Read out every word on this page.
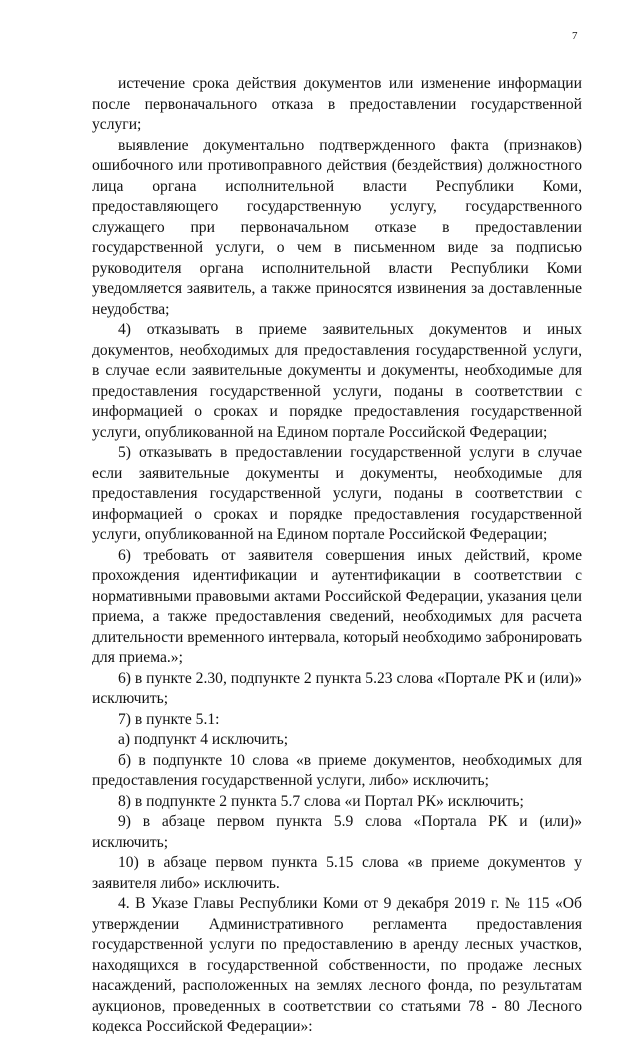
7

истечение срока действия документов или изменение информации после первоначального отказа в предоставлении государственной услуги;

выявление документально подтвержденного факта (признаков) ошибочного или противоправного действия (бездействия) должностного лица органа исполнительной власти Республики Коми, предоставляющего государственную услугу, государственного служащего при первоначальном отказе в предоставлении государственной услуги, о чем в письменном виде за подписью руководителя органа исполнительной власти Республики Коми уведомляется заявитель, а также приносятся извинения за доставленные неудобства;

4) отказывать в приеме заявительных документов и иных документов, необходимых для предоставления государственной услуги, в случае если заявительные документы и документы, необходимые для предоставления государственной услуги, поданы в соответствии с информацией о сроках и порядке предоставления государственной услуги, опубликованной на Едином портале Российской Федерации;

5) отказывать в предоставлении государственной услуги в случае если заявительные документы и документы, необходимые для предоставления государственной услуги, поданы в соответствии с информацией о сроках и порядке предоставления государственной услуги, опубликованной на Едином портале Российской Федерации;

6) требовать от заявителя совершения иных действий, кроме прохождения идентификации и аутентификации в соответствии с нормативными правовыми актами Российской Федерации, указания цели приема, а также предоставления сведений, необходимых для расчета длительности временного интервала, который необходимо забронировать для приема.»;

6) в пункте 2.30, подпункте 2 пункта 5.23 слова «Портале РК и (или)» исключить;

7) в пункте 5.1:

а) подпункт 4 исключить;

б) в подпункте 10 слова «в приеме документов, необходимых для предоставления государственной услуги, либо» исключить;

8) в подпункте 2 пункта 5.7 слова «и Портал РК» исключить;

9) в абзаце первом пункта 5.9 слова «Портала РК и (или)» исключить;

10) в абзаце первом пункта 5.15 слова «в приеме документов у заявителя либо» исключить.

4. В Указе Главы Республики Коми от 9 декабря 2019 г. № 115 «Об утверждении Административного регламента предоставления государственной услуги по предоставлению в аренду лесных участков, находящихся в государственной собственности, по продаже лесных насаждений, расположенных на землях лесного фонда, по результатам аукционов, проведенных в соответствии со статьями 78 - 80 Лесного кодекса Российской Федерации»:
